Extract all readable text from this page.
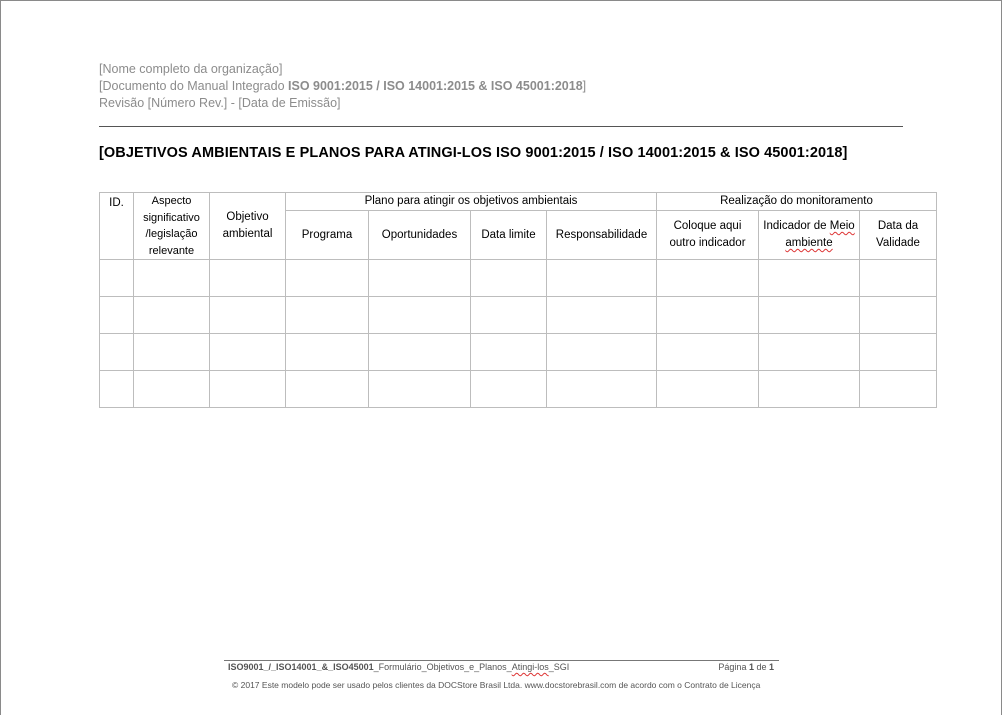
[Nome completo da organização]
[Documento do Manual Integrado ISO 9001:2015 / ISO 14001:2015 & ISO 45001:2018]
Revisão [Número Rev.] - [Data de Emissão]
[OBJETIVOS AMBIENTAIS E PLANOS PARA ATINGI-LOS ISO 9001:2015 / ISO 14001:2015 & ISO 45001:2018]
ID.	Aspecto significativo /legislação relevante	Objetivo ambiental	Plano para atingir os objetivos ambientais				Realização do monitoramento		
			Programa	Oportunidades	Data limite	Responsabilidade	Coloque aqui outro indicador	Indicador de Meio ambiente	Data da Validade

ISO9001_/_ISO14001_&_ISO45001_Formulário_Objetivos_e_Planos_Atingi-los_SGI	Página 1 de 1
© 2017 Este modelo pode ser usado pelos clientes da DOCStore Brasil Ltda. www.docstorebrasil.com de acordo com o Contrato de Licença
